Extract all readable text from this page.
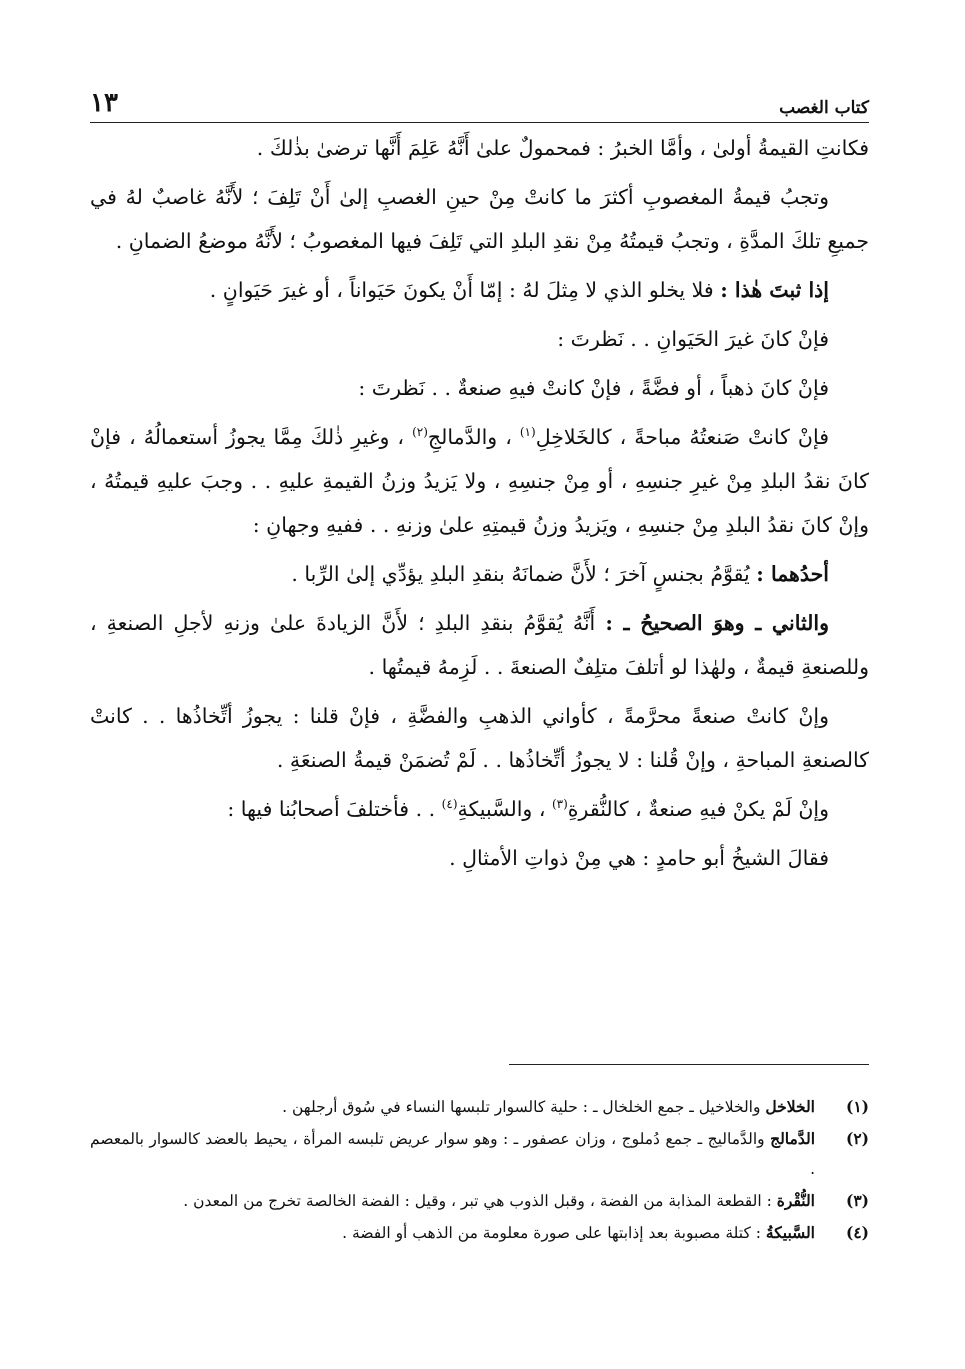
كتاب الغصب
١٣

فكانتِ القيمةُ أولىٰ ، وأمَّا الخبرُ : فمحمولٌ علىٰ أَنَّهُ عَلِمَ أَنَّها ترضىٰ بذٰلكَ .

وتجبُ قيمةُ المغصوبِ أكثرَ ما كانتْ مِنْ حينِ الغصبِ إلىٰ أَنْ تَلِفَ ؛ لأَنَّهُ غاصبٌ لهُ في جميعِ تلكَ المدَّةِ ، وتجبُ قيمتُهُ مِنْ نقدِ البلدِ التي تَلِفَ فيها المغصوبُ ؛ لأَنَّهُ موضعُ الضمانِ .

إذا ثبتَ هٰذا : فلا يخلو الذي لا مِثلَ لهُ : إمّا أَنْ يكونَ حَيَواناً ، أو غيرَ حَيَوانٍ .

فإنْ كانَ غيرَ الحَيَوانِ . . نَظرتَ :

فإنْ كانَ ذهباً ، أو فضَّةً ، فإنْ كانتْ فيهِ صنعةٌ . . نَظرتَ :

فإنْ كانتْ صَنعتُهُ مباحةً ، كالخَلاخِلِ$^{(١)}$ ، والدَّمالجِ$^{(٢)}$ ، وغيرِ ذٰلكَ مِمَّا يجوزُ أستعمالُهُ ، فإنْ كانَ نقدُ البلدِ مِنْ غيرِ جنسِهِ ، أو مِنْ جنسِهِ ، ولا يَزيدُ وزنُ القيمةِ عليهِ . . وجبَ عليهِ قيمتُهُ ، وإنْ كانَ نقدُ البلدِ مِنْ جنسِهِ ، ويَزيدُ وزنُ قيمتِهِ علىٰ وزنهِ . . ففيهِ وجهانِ :

أحدُهما : يُقوَّمُ بجنسٍ آخرَ ؛ لأَنَّ ضمانَهُ بنقدِ البلدِ يؤدِّي إلىٰ الرِّبا .

والثاني ـ وهوَ الصحيحُ ـ : أَنَّهُ يُقوَّمُ بنقدِ البلدِ ؛ لأَنَّ الزيادةَ علىٰ وزنهِ لأجلِ الصنعةِ ، وللصنعةِ قيمةٌ ، ولهٰذا لو أتلفَ متلِفٌ الصنعةَ . . لَزِمهُ قيمتُها .

وإنْ كانتْ صنعةً محرَّمةً ، كأواني الذهبِ والفضَّةِ ، فإنْ قلنا : يجوزُ أتِّخاذُها . . كانتْ كالصنعةِ المباحةِ ، وإنْ قُلنا : لا يجوزُ أتِّخاذُها . . لَمْ تُضمَنْ قيمةُ الصنعَةِ .

وإنْ لَمْ يكنْ فيهِ صنعةٌ ، كالنُّقرةِ$^{(٣)}$ ، والسَّبيكةِ$^{(٤)}$ . . فأختلفَ أصحابُنا فيها :

فقالَ الشيخُ أبو حامدٍ : هي مِنْ ذواتِ الأمثالِ .

(١)
الخلاخل والخلاخيل ـ جمع الخلخال ـ : حلية كالسوار تلبسها النساء في سُوق أرجلهن .
(٢)
الدَّمالج والدَّماليج ـ جمع دُملوج ، وزان عصفور ـ : وهو سوار عريض تلبسه المرأة ، يحيط بالعضد كالسوار بالمعصم .
(٣)
النُّقْرة : القطعة المذابة من الفضة ، وقبل الذوب هي تبر ، وقيل : الفضة الخالصة تخرج من المعدن .
(٤)
السَّبيكةُ : كتلة مصبوبة بعد إذابتها على صورة معلومة من الذهب أو الفضة .
